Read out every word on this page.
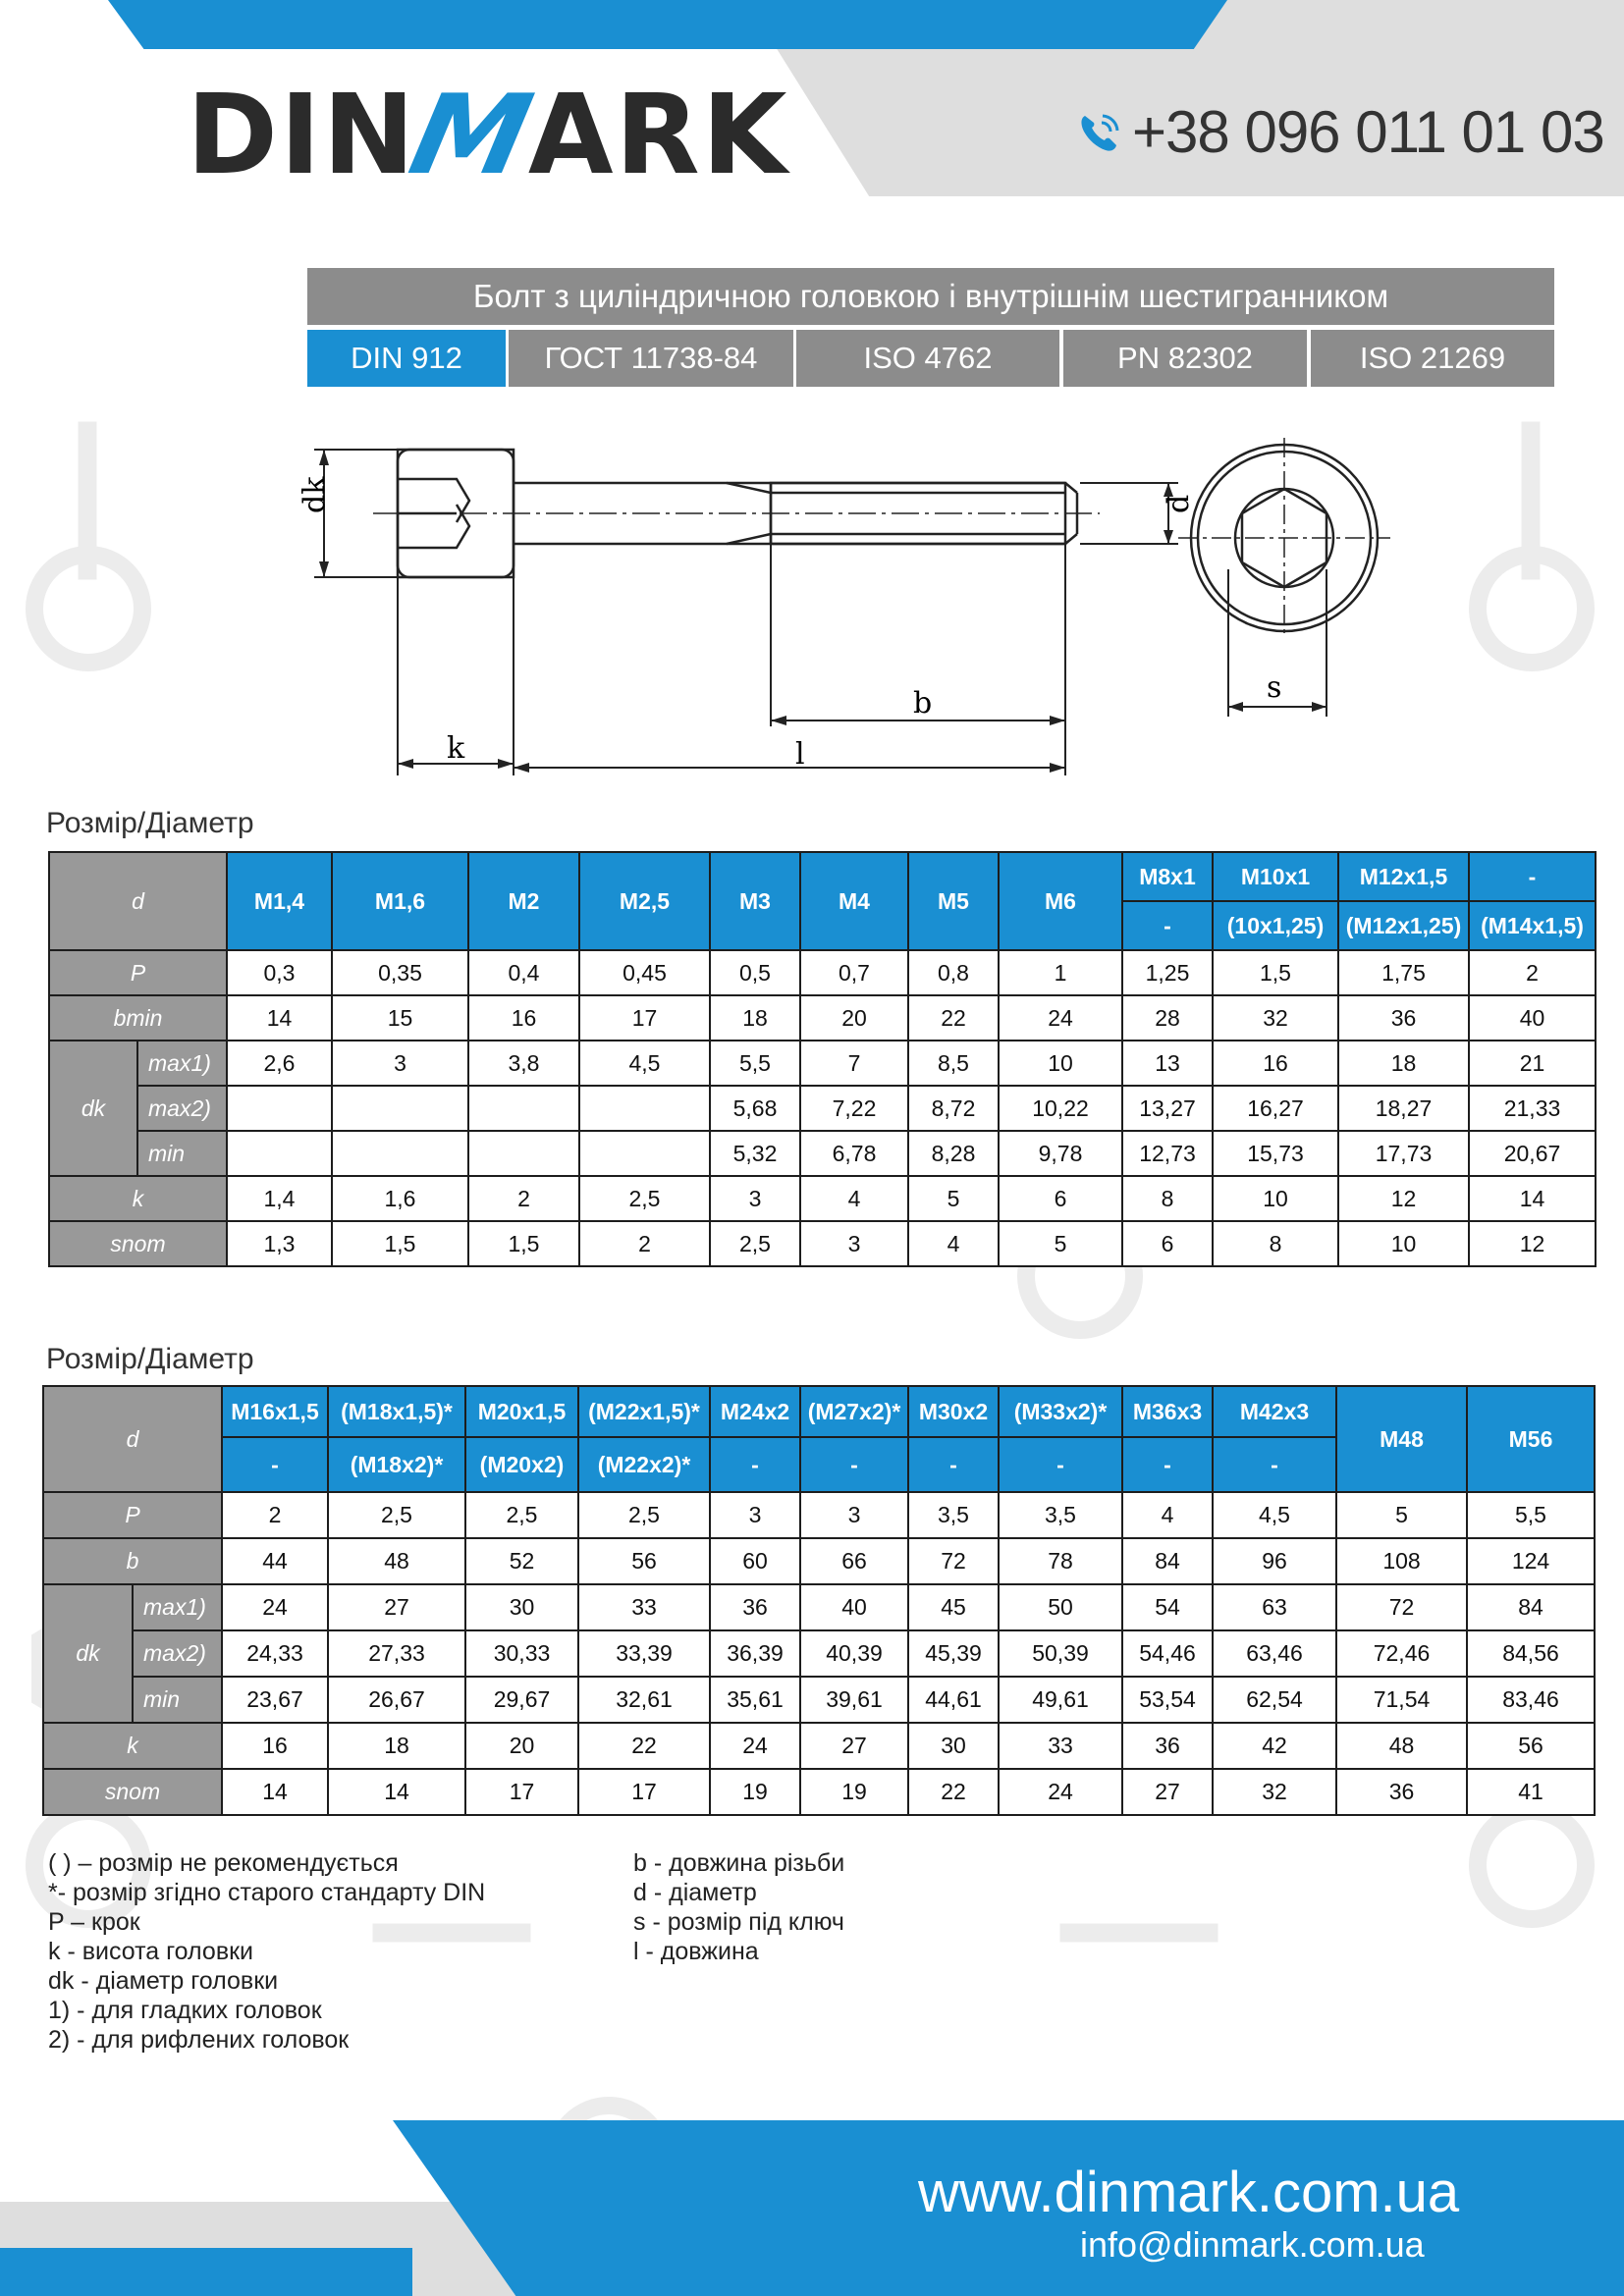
DINMARK	+38 096 011 01 03
Болт з циліндричною головкою і внутрішнім шестигранником
DIN 912	ГОСТ 11738-84	ISO 4762	PN 82302	ISO 21269
dk	d
k	l
b	s
Розмір/Діаметр
d		M1,4	M1,6	M2	M2,5	M3	M4	M5	M6	M8x1	M10x1	M12x1,5	-
										-	(10x1,25)	(M12x1,25)	(M14x1,5)
P		0,3	0,35	0,4	0,45	0,5	0,7	0,8	1	1,25	1,5	1,75	2
bmin		14	15	16	17	18	20	22	24	28	32	36	40
dk	max1)	2,6	3	3,8	4,5	5,5	7	8,5	10	13	16	18	21
	max2)					5,68	7,22	8,72	10,22	13,27	16,27	18,27	21,33
	min					5,32	6,78	8,28	9,78	12,73	15,73	17,73	20,67
k		1,4	1,6	2	2,5	3	4	5	6	8	10	12	14
snom		1,3	1,5	1,5	2	2,5	3	4	5	6	8	10	12
Розмір/Діаметр
d		M16x1,5	(M18x1,5)*	M20x1,5	(M22x1,5)*	M24x2	(M27x2)*	M30x2	(M33x2)*	M36x3	M42x3	M48	M56
		-	(M18x2)*	(M20x2)	(M22x2)*	-	-	-	-	-	-		
P		2	2,5	2,5	2,5	3	3	3,5	3,5	4	4,5	5	5,5
b		44	48	52	56	60	66	72	78	84	96	108	124
dk	max1)	24	27	30	33	36	40	45	50	54	63	72	84
	max2)	24,33	27,33	30,33	33,39	36,39	40,39	45,39	50,39	54,46	63,46	72,46	84,56
	min	23,67	26,67	29,67	32,61	35,61	39,61	44,61	49,61	53,54	62,54	71,54	83,46
k		16	18	20	22	24	27	30	33	36	42	48	56
snom		14	14	17	17	19	19	22	24	27	32	36	41
( ) – розмір не рекомендується
*- розмір згідно старого стандарту DIN
P – крок
k - висота головки
dk - діаметр головки
1) - для гладких головок
2) - для рифлених головок
b - довжина різьби
d - діаметр
s - розмір під ключ
l - довжина
www.dinmark.com.ua
info@dinmark.com.ua
